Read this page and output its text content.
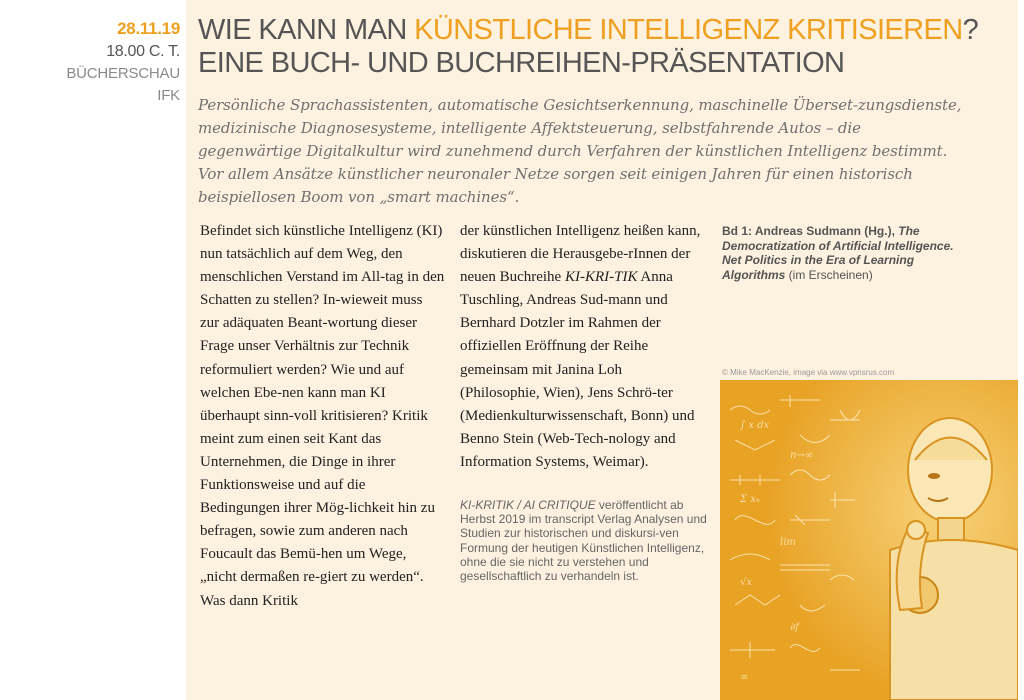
28.11.19
18.00 C. T.
BÜCHERSCHAU
IFK
WIE KANN MAN KÜNSTLICHE INTELLIGENZ KRITISIEREN?
EINE BUCH- UND BUCHREIHEN-PRÄSENTATION

Persönliche Sprachassistenten, automatische Gesichtserkennung, maschinelle Überset-zungsdienste, medizinische Diagnosesysteme, intelligente Affektsteuerung, selbstfahrende Autos – die gegenwärtige Digitalkultur wird zunehmend durch Verfahren der künstlichen Intelligenz bestimmt. Vor allem Ansätze künstlicher neuronaler Netze sorgen seit einigen Jahren für einen historisch beispiellosen Boom von „smart machines“.

Befindet sich künstliche Intelligenz (KI) nun tatsächlich auf dem Weg, den menschlichen Verstand im All-tag in den Schatten zu stellen? In-wieweit muss zur adäquaten Beant-wortung dieser Frage unser Verhältnis zur Technik reformuliert werden? Wie und auf welchen Ebe-nen kann man KI überhaupt sinn-voll kritisieren? Kritik meint zum einen seit Kant das Unternehmen, die Dinge in ihrer Funktionsweise und auf die Bedingungen ihrer Mög-lichkeit hin zu befragen, sowie zum anderen nach Foucault das Bemü-hen um Wege, „nicht dermaßen re-giert zu werden“. Was dann Kritik

der künstlichen Intelligenz heißen kann, diskutieren die Herausgebe-rInnen der neuen Buchreihe KI-KRI-TIK Anna Tuschling, Andreas Sud-mann und Bernhard Dotzler im Rahmen der offiziellen Eröffnung der Reihe gemeinsam mit Janina Loh (Philosophie, Wien), Jens Schrö-ter (Medienkulturwissenschaft, Bonn) und Benno Stein (Web-Tech-nology and Information Systems, Weimar).

KI-KRITIK / AI CRITIQUE veröffentlicht ab Herbst 2019 im transcript Verlag Analysen und Studien zur historischen und diskursi-ven Formung der heutigen Künstlichen Intelligenz, ohne die sie nicht zu verstehen und gesellschaftlich zu verhandeln ist.

Bd 1: Andreas Sudmann (Hg.), The Democratization of Artificial Intelligence. Net Politics in the Era of Learning Algorithms (im Erscheinen)

© Mike MacKenzie, image via www.vpnsrus.com

∫ x dx
n→∞
Σ xₙ
lim
√x
∂f
∞
